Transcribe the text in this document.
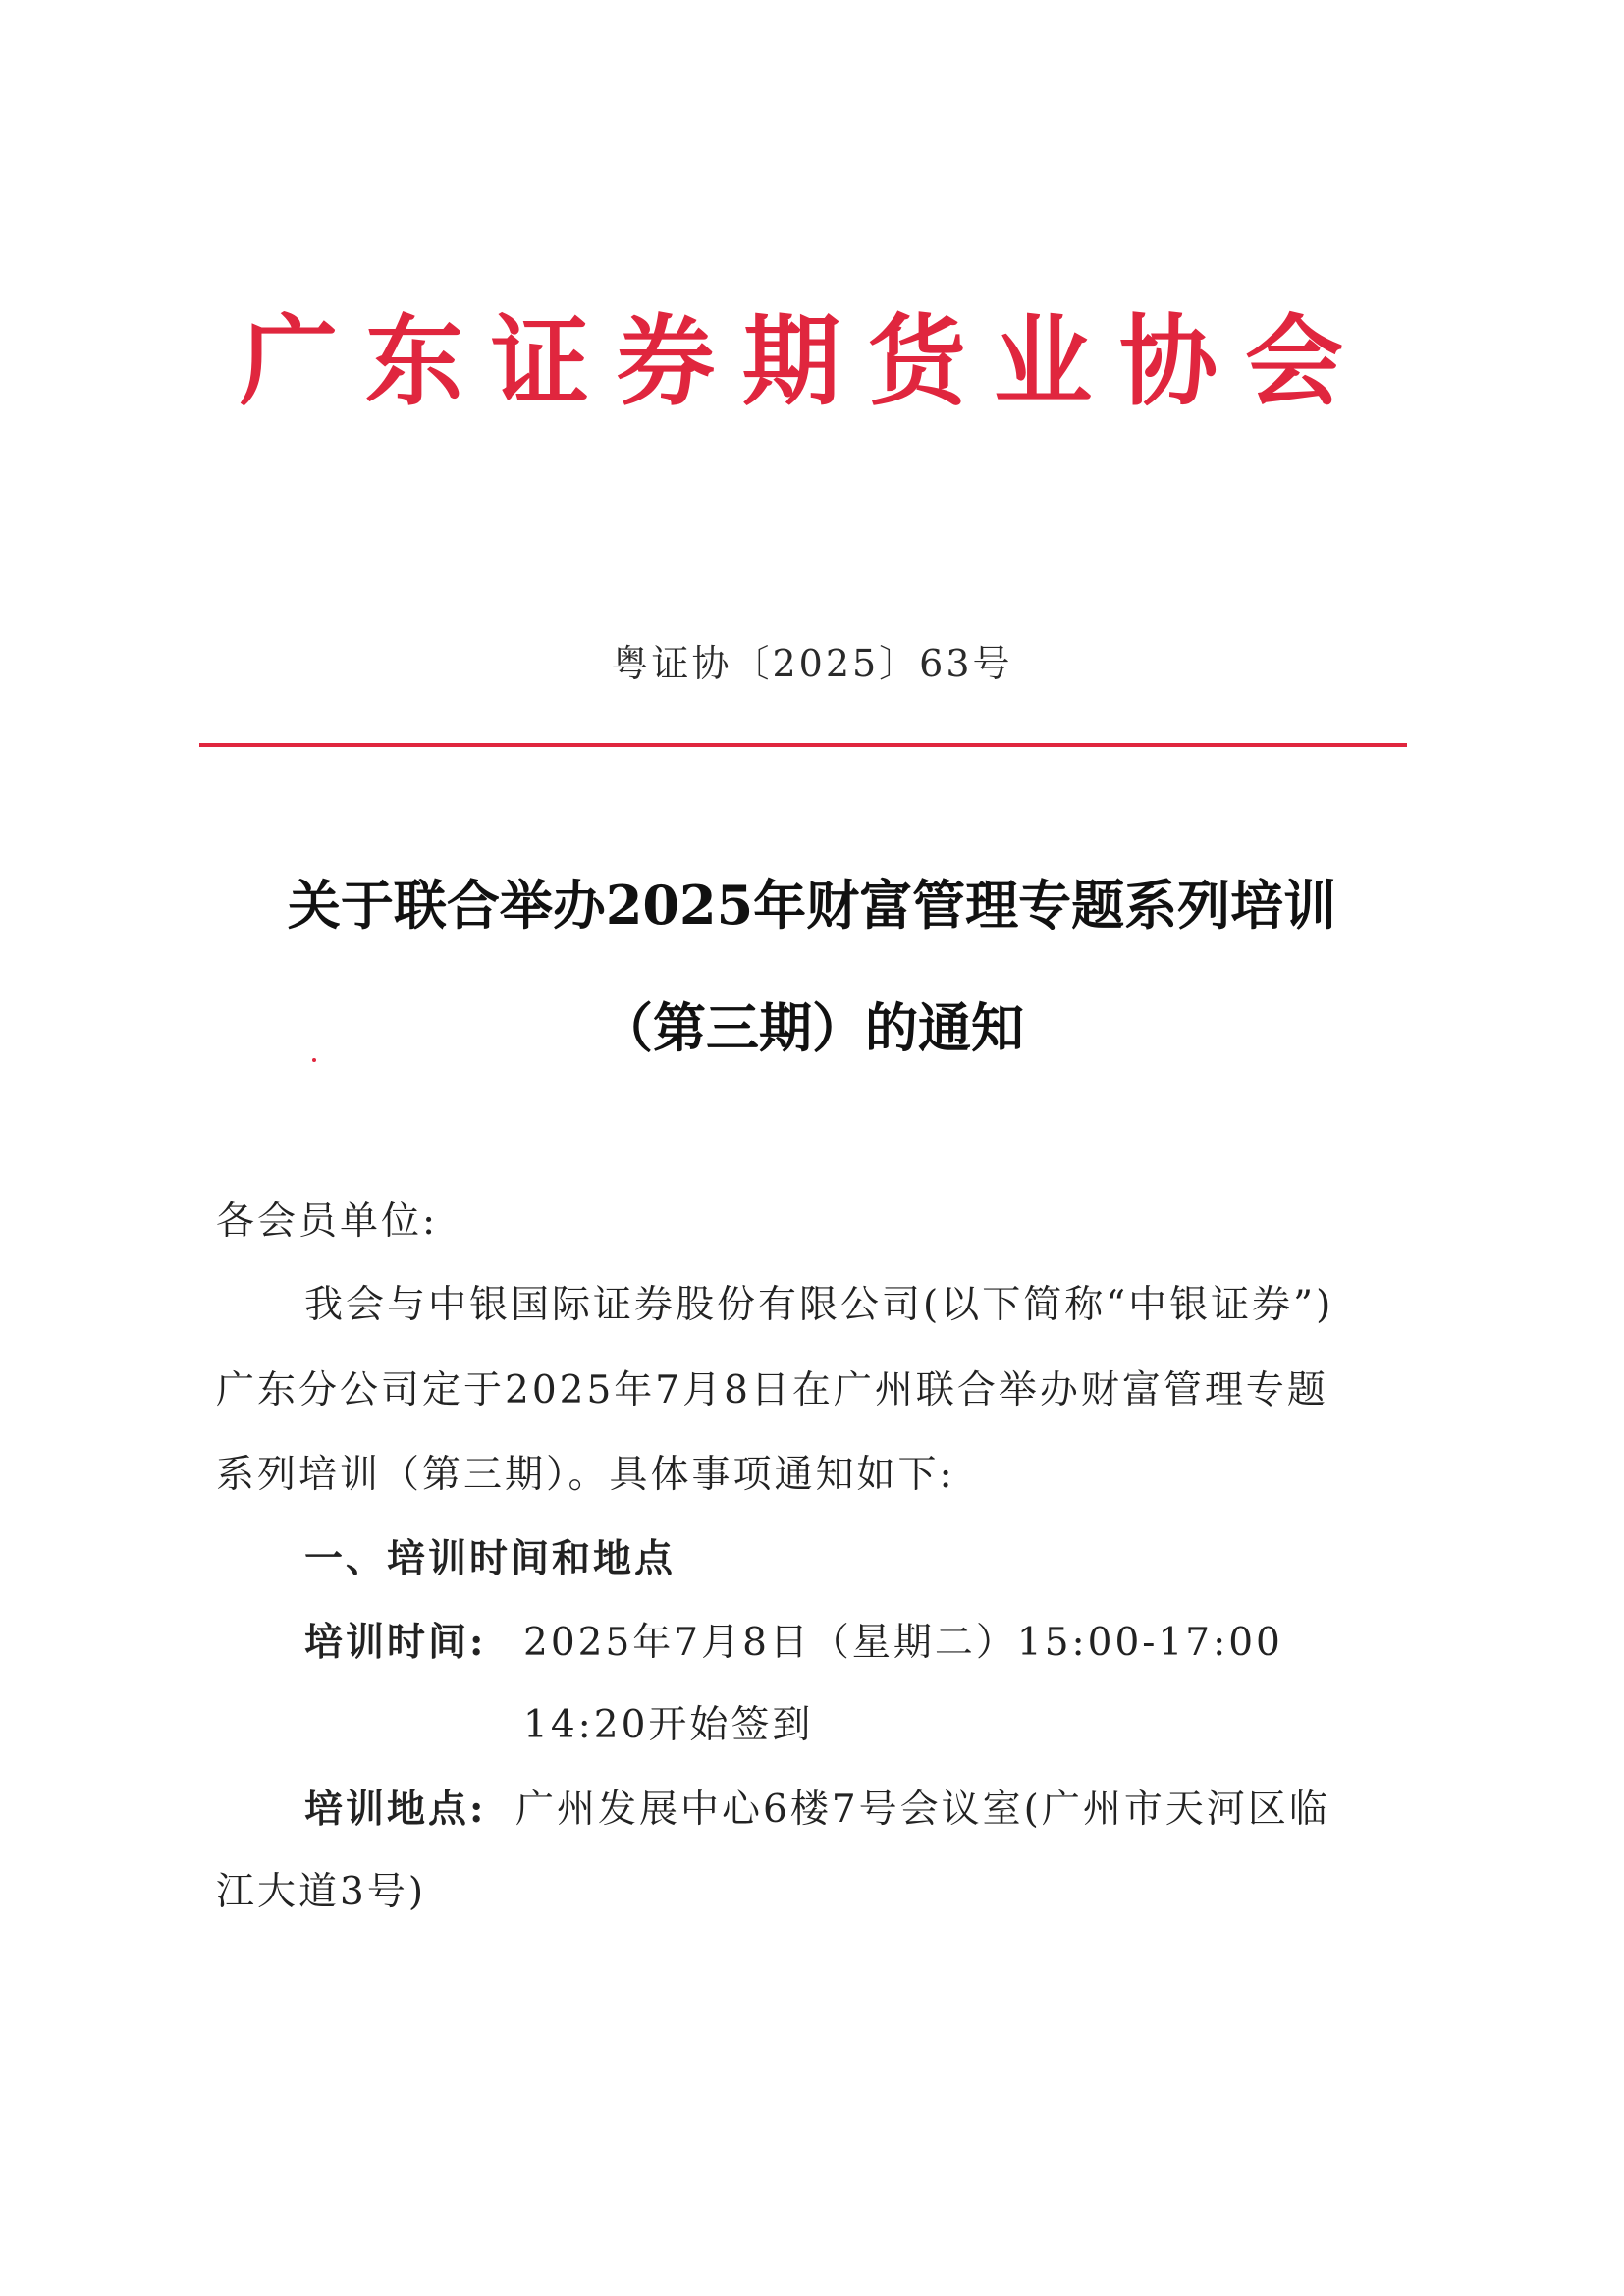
广东证券期货业协会
粤证协〔2025〕63号
关于联合举办2025年财富管理专题系列培训
（第三期）的通知
各会员单位:
我会与中银国际证券股份有限公司(以下简称“中银证券”)
广东分公司定于2025年7月8日在广州联合举办财富管理专题
系列培训（第三期）。具体事项通知如下:
一、培训时间和地点
培训时间: 2025年7月8日（星期二）15:00-17:00
14:20开始签到
培训地点: 广州发展中心6楼7号会议室(广州市天河区临
江大道3号)
